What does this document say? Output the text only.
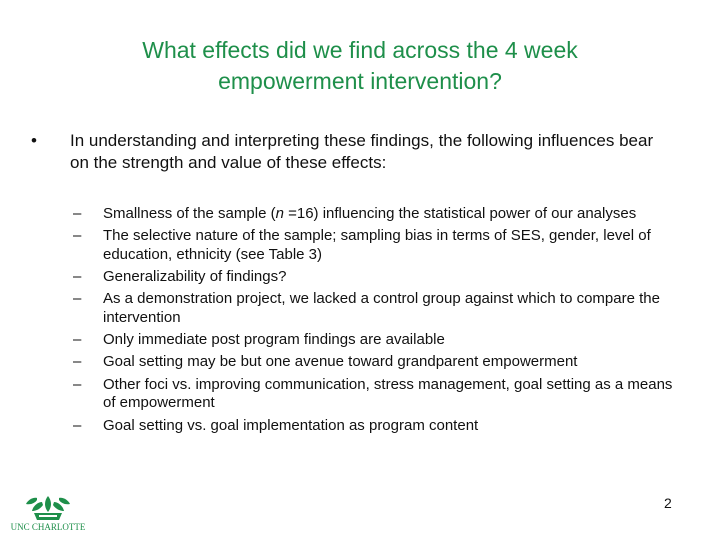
What effects did we find across the 4 week
empowerment intervention?
• In understanding and interpreting these findings, the following influences bear on the strength and value of these effects:
– Smallness of the sample (n =16) influencing the statistical power of our analyses
– The selective nature of the sample; sampling bias in terms of SES, gender, level of education, ethnicity (see Table 3)
– Generalizability of findings?
– As a demonstration project, we lacked a control group against which to compare the intervention
– Only immediate post program findings are available
– Goal setting may be but one avenue toward grandparent empowerment
– Other foci vs. improving communication, stress management, goal setting as a means of empowerment
– Goal setting vs. goal implementation as program content
UNC CHARLOTTE
2
